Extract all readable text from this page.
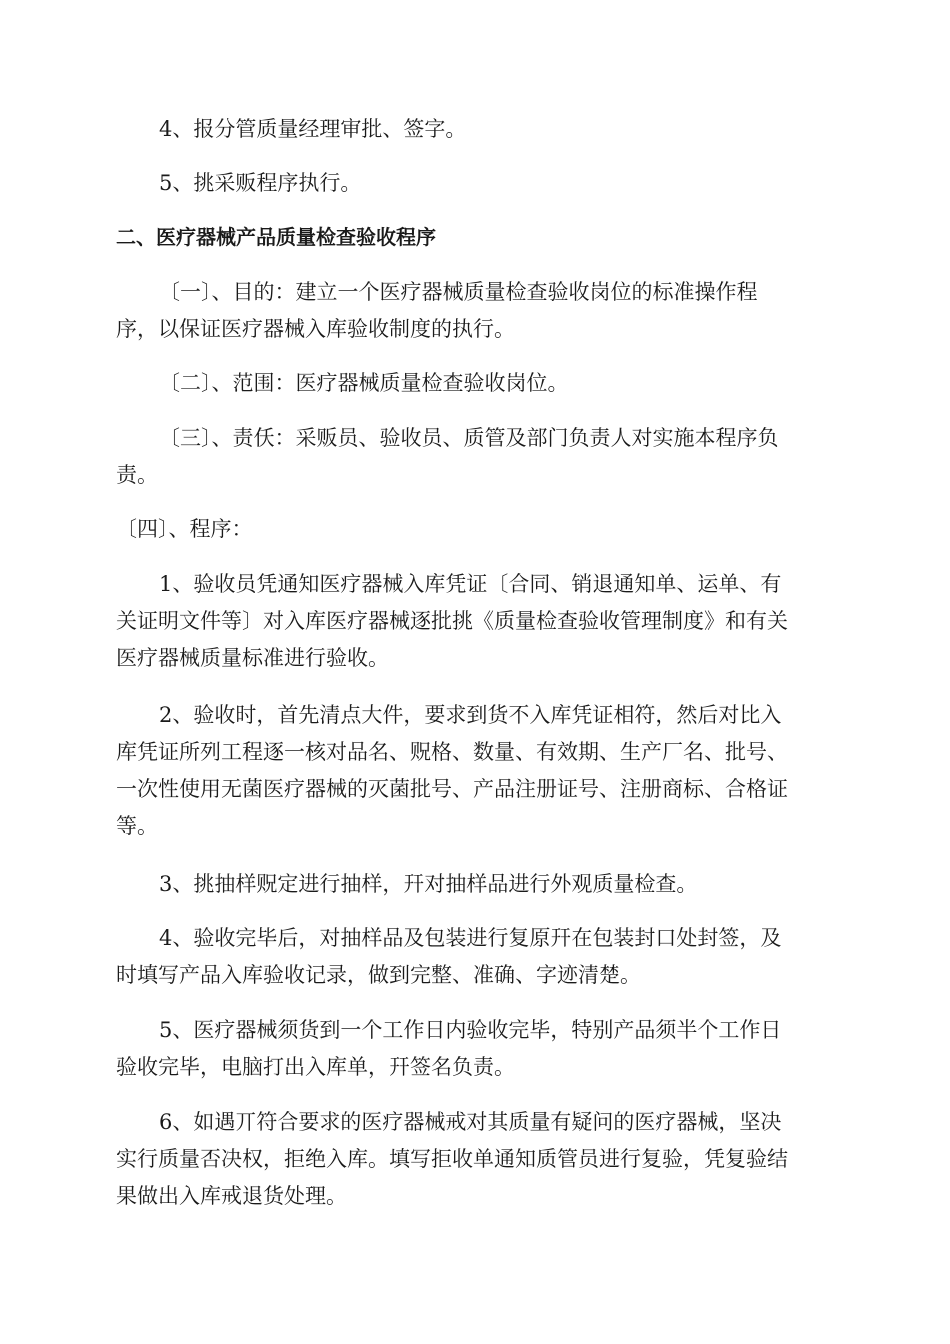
4、报分管质量经理审批、签字。

5、挑采贩程序执行。

二、医疗器械产品质量检查验收程序

〔一〕、目的：建立一个医疗器械质量检查验收岗位的标准操作程
序，以保证医疗器械入库验收制度的执行。

〔二〕、范围：医疗器械质量检查验收岗位。

〔三〕、责仸：采贩员、验收员、质管及部门负责人对实施本程序负
责。

〔四〕、程序：

1、验收员凭通知医疗器械入库凭证〔合同、销退通知单、运单、有
关证明文件等〕对入库医疗器械逐批挑《质量检查验收管理制度》和有关
医疗器械质量标准进行验收。

2、验收时，首先清点大件，要求到货不入库凭证相符，然后对比入
库凭证所列工程逐一核对品名、贶格、数量、有效期、生产厂名、批号、
一次性使用无菌医疗器械的灭菌批号、产品注册证号、注册商标、合格证
等。

3、挑抽样贶定进行抽样，幵对抽样品进行外观质量检查。

4、验收完毕后，对抽样品及包装进行复原幵在包装封口处封签，及
时填写产品入库验收记录，做到完整、准确、字迹清楚。

5、医疗器械须货到一个工作日内验收完毕，特别产品须半个工作日
验收完毕，电脑打出入库单，幵签名负责。

6、如遇丌符合要求的医疗器械戒对其质量有疑问的医疗器械，坚决
实行质量否决权，拒绝入库。填写拒收单通知质管员进行复验，凭复验结
果做出入库戒退货处理。
